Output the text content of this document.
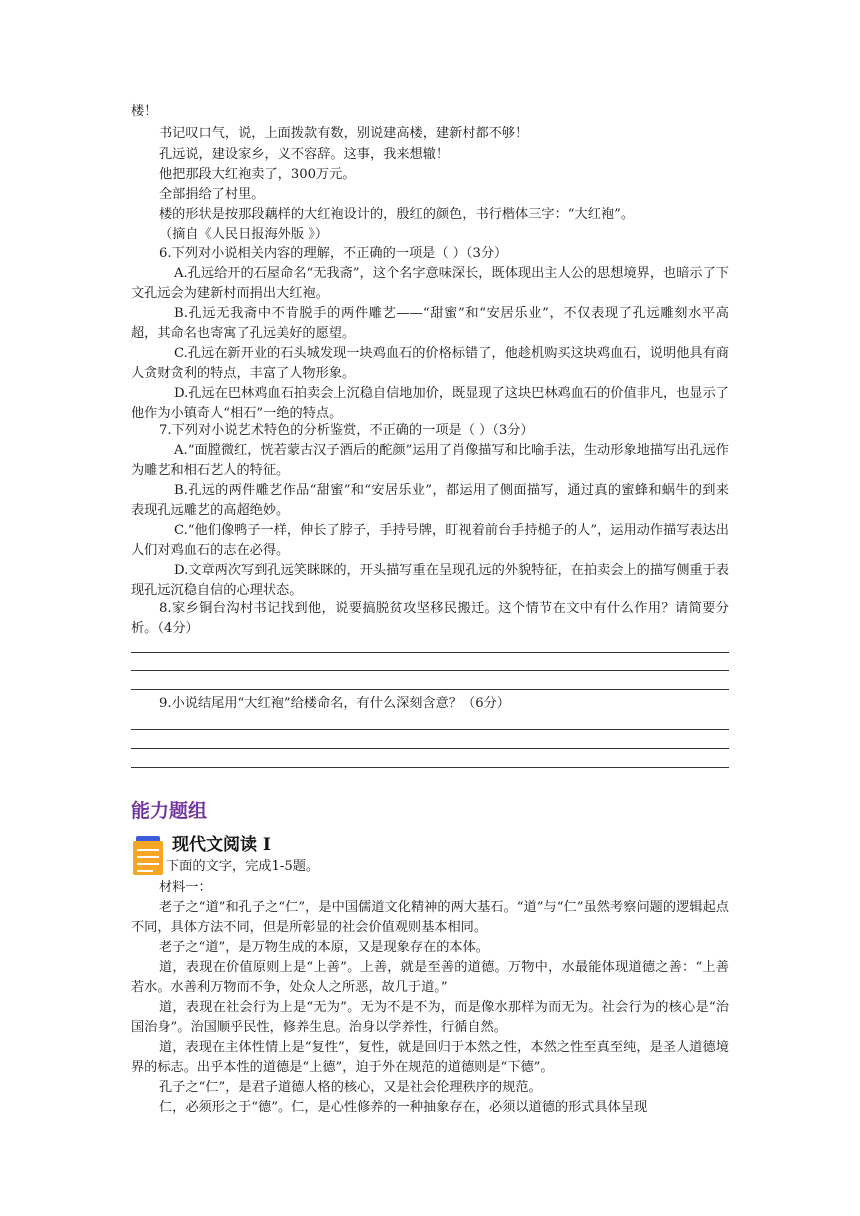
楼！

书记叹口气，说，上面拨款有数，别说建高楼，建新村都不够！

孔远说，建设家乡，义不容辞。这事，我来想辙！

他把那段大红袍卖了，300万元。

全部捐给了村里。

楼的形状是按那段藕样的大红袍设计的，殷红的颜色，书行楷体三字：“大红袍”。

（摘自《人民日报海外版 》）

6.下列对小说相关内容的理解，不正确的一项是（ ）（3分）

A.孔远给开的石屋命名“无我斋”，这个名字意味深长，既体现出主人公的思想境界，也暗示了下文孔远会为建新村而捐出大红袍。

B.孔远无我斋中不肯脱手的两件雕艺——“甜蜜”和“安居乐业”，不仅表现了孔远雕刻水平高超，其命名也寄寓了孔远美好的愿望。

C.孔远在新开业的石头城发现一块鸡血石的价格标错了，他趁机购买这块鸡血石，说明他具有商人贪财贪利的特点，丰富了人物形象。

D.孔远在巴林鸡血石拍卖会上沉稳自信地加价，既显现了这块巴林鸡血石的价值非凡，也显示了他作为小镇奇人“相石”一绝的特点。

7.下列对小说艺术特色的分析鉴赏，不正确的一项是（ ）（3分）

A.“面膛微红，恍若蒙古汉子酒后的酡颜”运用了肖像描写和比喻手法，生动形象地描写出孔远作为雕艺和相石艺人的特征。

B.孔远的两件雕艺作品“甜蜜”和“安居乐业”，都运用了侧面描写，通过真的蜜蜂和蜗牛的到来表现孔远雕艺的高超绝妙。

C.“他们像鸭子一样，伸长了脖子，手持号牌，盯视着前台手持槌子的人”，运用动作描写表达出人们对鸡血石的志在必得。

D.文章两次写到孔远笑眯眯的，开头描写重在呈现孔远的外貌特征，在拍卖会上的描写侧重于表现孔远沉稳自信的心理状态。

8.家乡铜台沟村书记找到他，说要搞脱贫攻坚移民搬迁。这个情节在文中有什么作用？请简要分析。（4分）

9.小说结尾用“大红袍”给楼命名，有什么深刻含意？（6分）

能力题组
现代文阅读 I

下面的文字，完成1-5题。

材料一：

老子之“道”和孔子之“仁”，是中国儒道文化精神的两大基石。“道”与“仁”虽然考察问题的逻辑起点不同，具体方法不同，但是所彰显的社会价值观则基本相同。

老子之“道”，是万物生成的本原，又是现象存在的本体。

道，表现在价值原则上是“上善”。上善，就是至善的道德。万物中，水最能体现道德之善：“上善若水。水善利万物而不争，处众人之所恶，故几于道。”

道，表现在社会行为上是“无为”。无为不是不为，而是像水那样为而无为。社会行为的核心是“治国治身”。治国顺乎民性，修养生息。治身以学养性，行循自然。

道，表现在主体性情上是“复性”，复性，就是回归于本然之性，本然之性至真至纯，是圣人道德境界的标志。出乎本性的道德是“上德”，迫于外在规范的道德则是“下德”。

孔子之“仁”，是君子道德人格的核心，又是社会伦理秩序的规范。

仁，必须形之于“德”。仁，是心性修养的一种抽象存在，必须以道德的形式具体呈现
